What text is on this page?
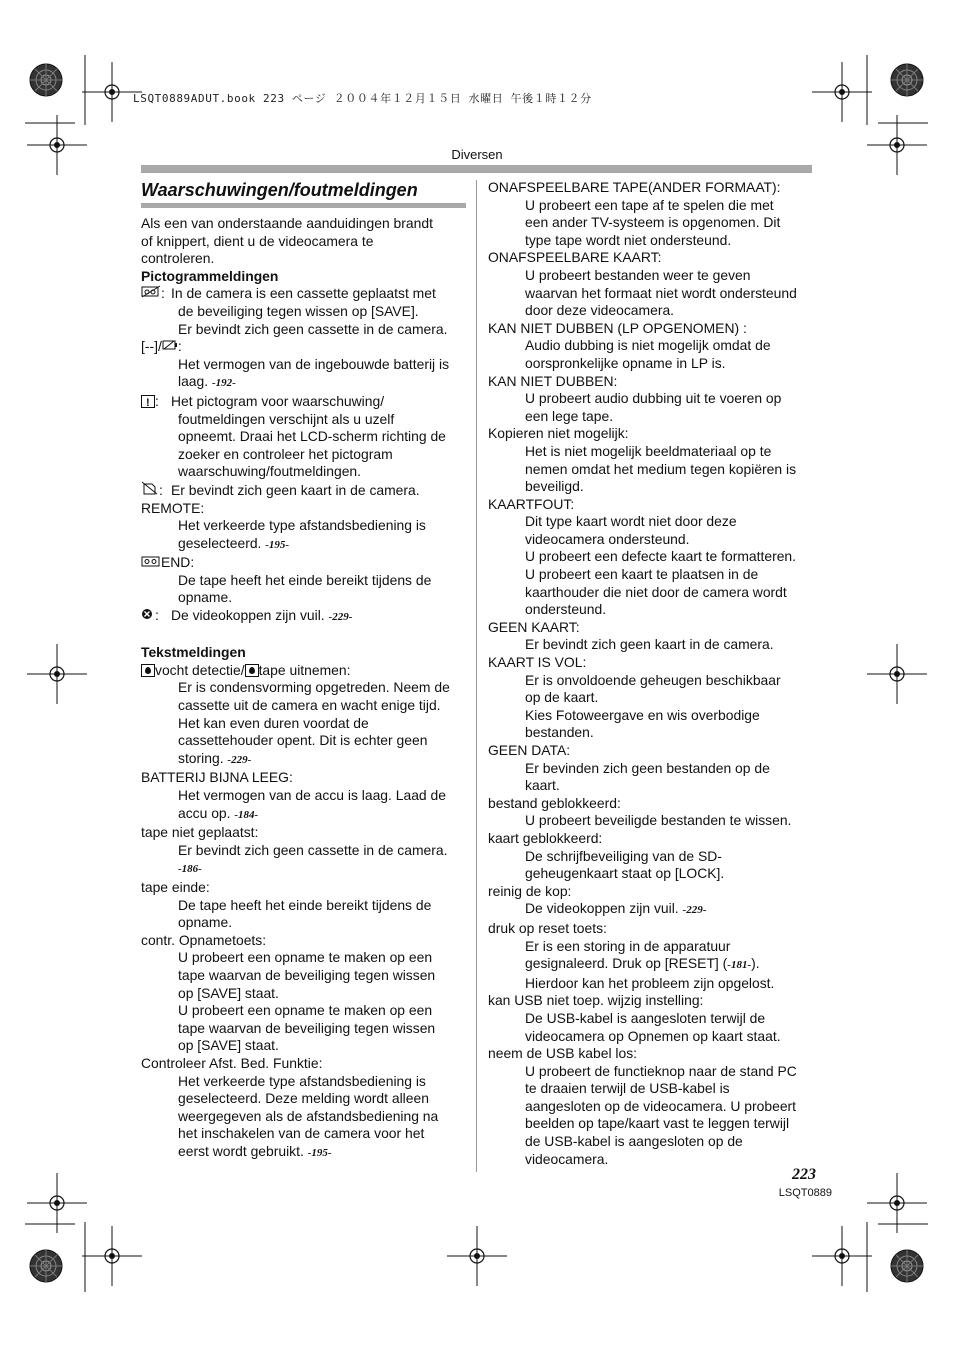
LSQT0889ADUT.book 223 ページ ２００４年１２月１５日 水曜日 午後１時１２分
Diversen
Waarschuwingen/foutmeldingen
Als een van onderstaande aanduidingen brandt
of knippert, dient u de videocamera te
controleren.
Pictogrammeldingen
: In de camera is een cassette geplaatst met
de beveiliging tegen wissen op [SAVE].
Er bevindt zich geen cassette in de camera.
[--]/ :
Het vermogen van de ingebouwde batterij is
laag. -192-
! : Het pictogram voor waarschuwing/
foutmeldingen verschijnt als u uzelf
opneemt. Draai het LCD-scherm richting de
zoeker en controleer het pictogram
waarschuwing/foutmeldingen.
: Er bevindt zich geen kaart in de camera.
REMOTE:
Het verkeerde type afstandsbediening is
geselecteerd. -195-
END:
De tape heeft het einde bereikt tijdens de
opname.
: De videokoppen zijn vuil. -229-
Tekstmeldingen
vocht detectie/ tape uitnemen:
Er is condensvorming opgetreden. Neem de
cassette uit de camera en wacht enige tijd.
Het kan even duren voordat de
cassettehouder opent. Dit is echter geen
storing. -229-
BATTERIJ BIJNA LEEG:
Het vermogen van de accu is laag. Laad de
accu op. -184-
tape niet geplaatst:
Er bevindt zich geen cassette in de camera.
-186-
tape einde:
De tape heeft het einde bereikt tijdens de
opname.
contr. Opnametoets:
U probeert een opname te maken op een
tape waarvan de beveiliging tegen wissen
op [SAVE] staat.
U probeert een opname te maken op een
tape waarvan de beveiliging tegen wissen
op [SAVE] staat.
Controleer Afst. Bed. Funktie:
Het verkeerde type afstandsbediening is
geselecteerd. Deze melding wordt alleen
weergegeven als de afstandsbediening na
het inschakelen van de camera voor het
eerst wordt gebruikt. -195-
ONAFSPEELBARE TAPE(ANDER FORMAAT):
U probeert een tape af te spelen die met
een ander TV-systeem is opgenomen. Dit
type tape wordt niet ondersteund.
ONAFSPEELBARE KAART:
U probeert bestanden weer te geven
waarvan het formaat niet wordt ondersteund
door deze videocamera.
KAN NIET DUBBEN (LP OPGENOMEN) :
Audio dubbing is niet mogelijk omdat de
oorspronkelijke opname in LP is.
KAN NIET DUBBEN:
U probeert audio dubbing uit te voeren op
een lege tape.
Kopieren niet mogelijk:
Het is niet mogelijk beeldmateriaal op te
nemen omdat het medium tegen kopiëren is
beveiligd.
KAARTFOUT:
Dit type kaart wordt niet door deze
videocamera ondersteund.
U probeert een defecte kaart te formatteren.
U probeert een kaart te plaatsen in de
kaarthouder die niet door de camera wordt
ondersteund.
GEEN KAART:
Er bevindt zich geen kaart in de camera.
KAART IS VOL:
Er is onvoldoende geheugen beschikbaar
op de kaart.
Kies Fotoweergave en wis overbodige
bestanden.
GEEN DATA:
Er bevinden zich geen bestanden op de
kaart.
bestand geblokkeerd:
U probeert beveiligde bestanden te wissen.
kaart geblokkeerd:
De schrijfbeveiliging van de SD-
geheugenkaart staat op [LOCK].
reinig de kop:
De videokoppen zijn vuil. -229-
druk op reset toets:
Er is een storing in de apparatuur
gesignaleerd. Druk op [RESET] (-181-).
Hierdoor kan het probleem zijn opgelost.
kan USB niet toep. wijzig instelling:
De USB-kabel is aangesloten terwijl de
videocamera op Opnemen op kaart staat.
neem de USB kabel los:
U probeert de functieknop naar de stand PC
te draaien terwijl de USB-kabel is
aangesloten op de videocamera. U probeert
beelden op tape/kaart vast te leggen terwijl
de USB-kabel is aangesloten op de
videocamera.
223
LSQT0889
